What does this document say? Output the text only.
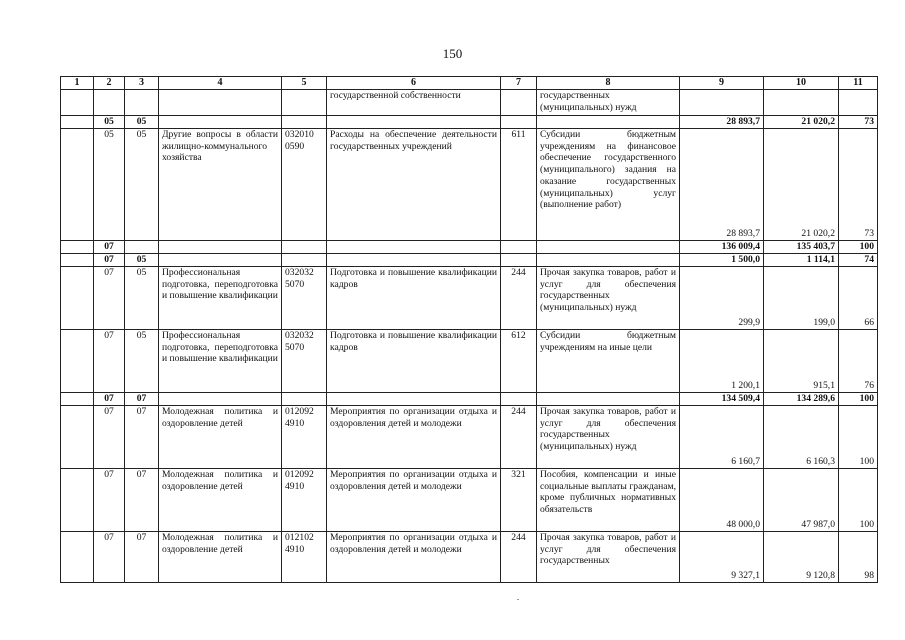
150
1	2	3	4	5	6	7	8	9	10	11
					государственной собственности		государственных (муниципальных) нужд			
	05	05						28 893,7	21 020,2	73
	05	05	Другие вопросы в области жилищно-коммунального хозяйства	032010 0590	Расходы на обеспечение деятельности государственных учреждений	611	Субсидии бюджетным учреждениям на финансовое обеспечение государственного (муниципального) задания на оказание государственных (муниципальных) услуг (выполнение работ)	28 893,7	21 020,2	73
	07							136 009,4	135 403,7	100
	07	05						1 500,0	1 114,1	74
	07	05	Профессиональная подготовка, переподготовка и повышение квалификации	032032 5070	Подготовка и повышение квалификации кадров	244	Прочая закупка товаров, работ и услуг для обеспечения государственных (муниципальных) нужд	299,9	199,0	66
	07	05	Профессиональная подготовка, переподготовка и повышение квалификации	032032 5070	Подготовка и повышение квалификации кадров	612	Субсидии бюджетным учреждениям на иные цели	1 200,1	915,1	76
	07	07						134 509,4	134 289,6	100
	07	07	Молодежная политика и оздоровление детей	012092 4910	Мероприятия по организации отдыха и оздоровления детей и молодежи	244	Прочая закупка товаров, работ и услуг для обеспечения государственных (муниципальных) нужд	6 160,7	6 160,3	100
	07	07	Молодежная политика и оздоровление детей	012092 4910	Мероприятия по организации отдыха и оздоровления детей и молодежи	321	Пособия, компенсации и иные социальные выплаты гражданам, кроме публичных нормативных обязательств	48 000,0	47 987,0	100
	07	07	Молодежная политика и оздоровление детей	012102 4910	Мероприятия по организации отдыха и оздоровления детей и молодежи	244	Прочая закупка товаров, работ и услуг для обеспечения государственных	9 327,1	9 120,8	98
